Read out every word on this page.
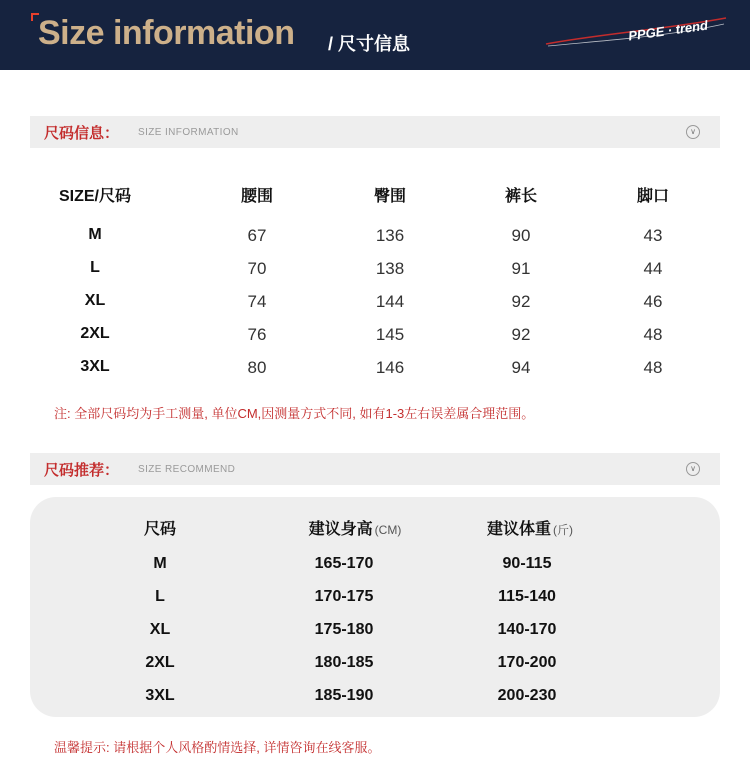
Size information / 尺寸信息
PPGE · trend
尺码信息： SIZE INFORMATION	∨
SIZE/尺码	腰围	臀围	裤长	脚口
M	67	136	90	43
L	70	138	91	44
XL	74	144	92	46
2XL	76	145	92	48
3XL	80	146	94	48
注: 全部尺码均为手工测量, 单位CM,因测量方式不同, 如有1-3左右误差属合理范围。
尺码推荐： SIZE RECOMMEND	∨
尺码	建议身高 (CM)	建议体重 (斤)
M	165-170	90-115
L	170-175	115-140
XL	175-180	140-170
2XL	180-185	170-200
3XL	185-190	200-230
温馨提示: 请根据个人风格酌情选择, 详情咨询在线客服。
